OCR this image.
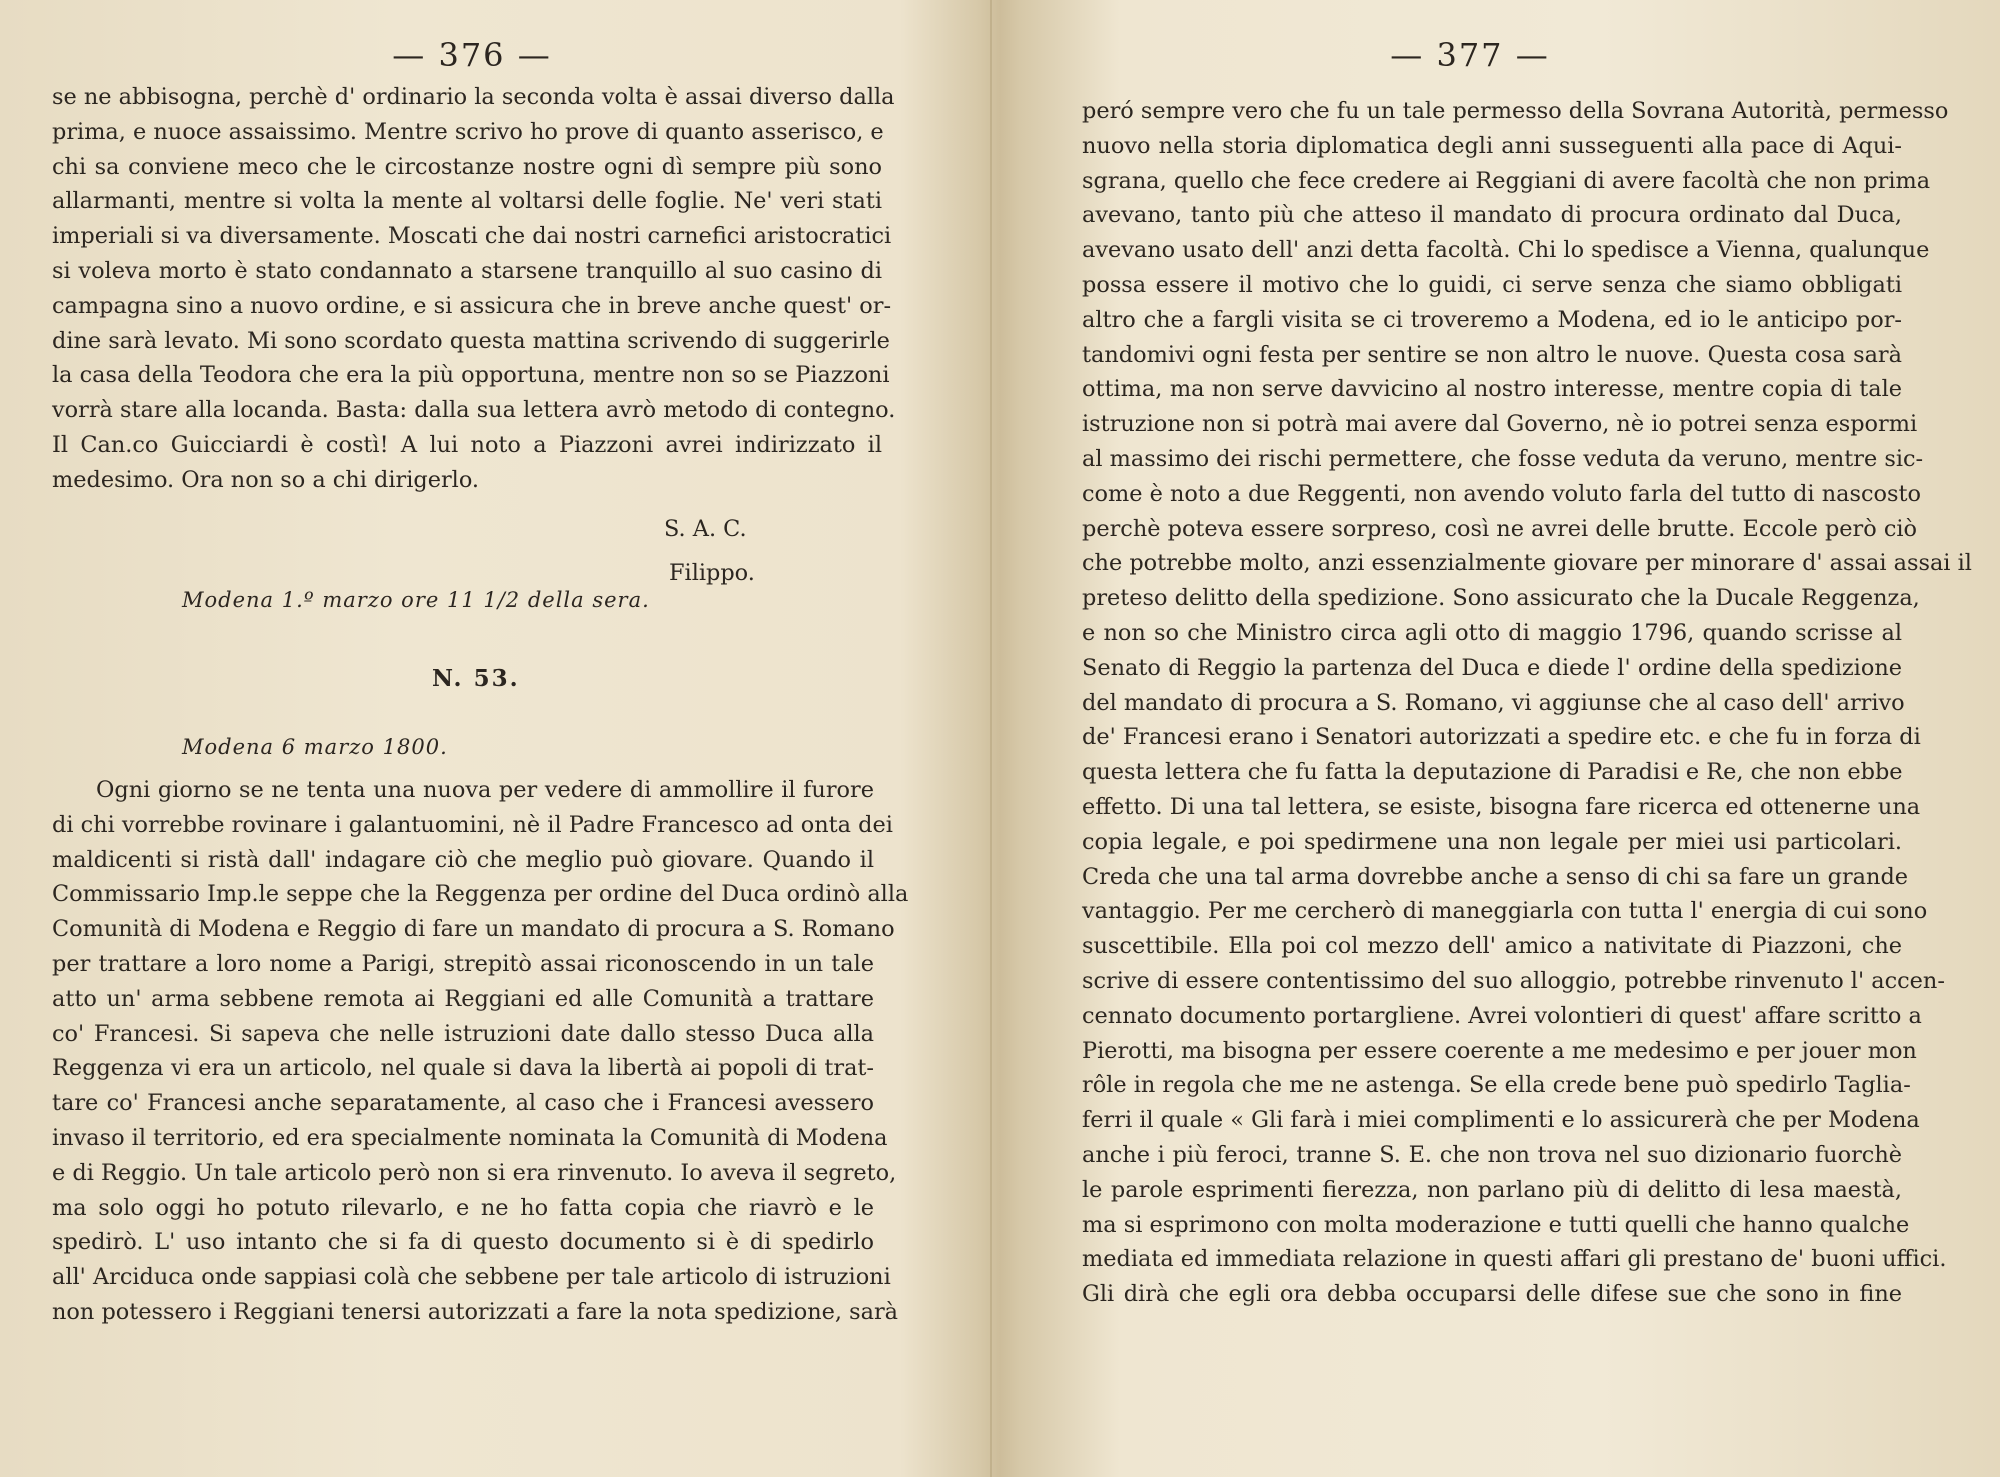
— 376 —
se ne abbisogna, perchè d' ordinario la seconda volta è assai diverso dalla
prima, e nuoce assaissimo. Mentre scrivo ho prove di quanto asserisco, e
chi sa conviene meco che le circostanze nostre ogni dì sempre più sono
allarmanti, mentre si volta la mente al voltarsi delle foglie. Ne' veri stati
imperiali si va diversamente. Moscati che dai nostri carnefici aristocratici
si voleva morto è stato condannato a starsene tranquillo al suo casino di
campagna sino a nuovo ordine, e si assicura che in breve anche quest' or-
dine sarà levato. Mi sono scordato questa mattina scrivendo di suggerirle
la casa della Teodora che era la più opportuna, mentre non so se Piazzoni
vorrà stare alla locanda. Basta: dalla sua lettera avrò metodo di contegno.
Il Can.co Guicciardi è costì! A lui noto a Piazzoni avrei indirizzato il
medesimo. Ora non so a chi dirigerlo.
S. A. C.
Filippo.
Modena 1.º marzo ore 11 1/2 della sera.
N. 53.
Modena 6 marzo 1800.
Ogni giorno se ne tenta una nuova per vedere di ammollire il furore
di chi vorrebbe rovinare i galantuomini, nè il Padre Francesco ad onta dei
maldicenti si ristà dall' indagare ciò che meglio può giovare. Quando il
Commissario Imp.le seppe che la Reggenza per ordine del Duca ordinò alla
Comunità di Modena e Reggio di fare un mandato di procura a S. Romano
per trattare a loro nome a Parigi, strepitò assai riconoscendo in un tale
atto un' arma sebbene remota ai Reggiani ed alle Comunità a trattare
co' Francesi. Si sapeva che nelle istruzioni date dallo stesso Duca alla
Reggenza vi era un articolo, nel quale si dava la libertà ai popoli di trat-
tare co' Francesi anche separatamente, al caso che i Francesi avessero
invaso il territorio, ed era specialmente nominata la Comunità di Modena
e di Reggio. Un tale articolo però non si era rinvenuto. Io aveva il segreto,
ma solo oggi ho potuto rilevarlo, e ne ho fatta copia che riavrò e le
spedirò. L' uso intanto che si fa di questo documento si è di spedirlo
all' Arciduca onde sappiasi colà che sebbene per tale articolo di istruzioni
non potessero i Reggiani tenersi autorizzati a fare la nota spedizione, sarà
— 377 —
peró sempre vero che fu un tale permesso della Sovrana Autorità, permesso
nuovo nella storia diplomatica degli anni susseguenti alla pace di Aqui-
sgrana, quello che fece credere ai Reggiani di avere facoltà che non prima
avevano, tanto più che atteso il mandato di procura ordinato dal Duca,
avevano usato dell' anzi detta facoltà. Chi lo spedisce a Vienna, qualunque
possa essere il motivo che lo guidi, ci serve senza che siamo obbligati
altro che a fargli visita se ci troveremo a Modena, ed io le anticipo por-
tandomivi ogni festa per sentire se non altro le nuove. Questa cosa sarà
ottima, ma non serve davvicino al nostro interesse, mentre copia di tale
istruzione non si potrà mai avere dal Governo, nè io potrei senza espormi
al massimo dei rischi permettere, che fosse veduta da veruno, mentre sic-
come è noto a due Reggenti, non avendo voluto farla del tutto di nascosto
perchè poteva essere sorpreso, così ne avrei delle brutte. Eccole però ciò
che potrebbe molto, anzi essenzialmente giovare per minorare d' assai assai il
preteso delitto della spedizione. Sono assicurato che la Ducale Reggenza,
e non so che Ministro circa agli otto di maggio 1796, quando scrisse al
Senato di Reggio la partenza del Duca e diede l' ordine della spedizione
del mandato di procura a S. Romano, vi aggiunse che al caso dell' arrivo
de' Francesi erano i Senatori autorizzati a spedire etc. e che fu in forza di
questa lettera che fu fatta la deputazione di Paradisi e Re, che non ebbe
effetto. Di una tal lettera, se esiste, bisogna fare ricerca ed ottenerne una
copia legale, e poi spedirmene una non legale per miei usi particolari.
Creda che una tal arma dovrebbe anche a senso di chi sa fare un grande
vantaggio. Per me cercherò di maneggiarla con tutta l' energia di cui sono
suscettibile. Ella poi col mezzo dell' amico a nativitate di Piazzoni, che
scrive di essere contentissimo del suo alloggio, potrebbe rinvenuto l' accen-
cennato documento portargliene. Avrei volontieri di quest' affare scritto a
Pierotti, ma bisogna per essere coerente a me medesimo e per jouer mon
rôle in regola che me ne astenga. Se ella crede bene può spedirlo Taglia-
ferri il quale « Gli farà i miei complimenti e lo assicurerà che per Modena
anche i più feroci, tranne S. E. che non trova nel suo dizionario fuorchè
le parole esprimenti fierezza, non parlano più di delitto di lesa maestà,
ma si esprimono con molta moderazione e tutti quelli che hanno qualche
mediata ed immediata relazione in questi affari gli prestano de' buoni uffici.
Gli dirà che egli ora debba occuparsi delle difese sue che sono in fine
